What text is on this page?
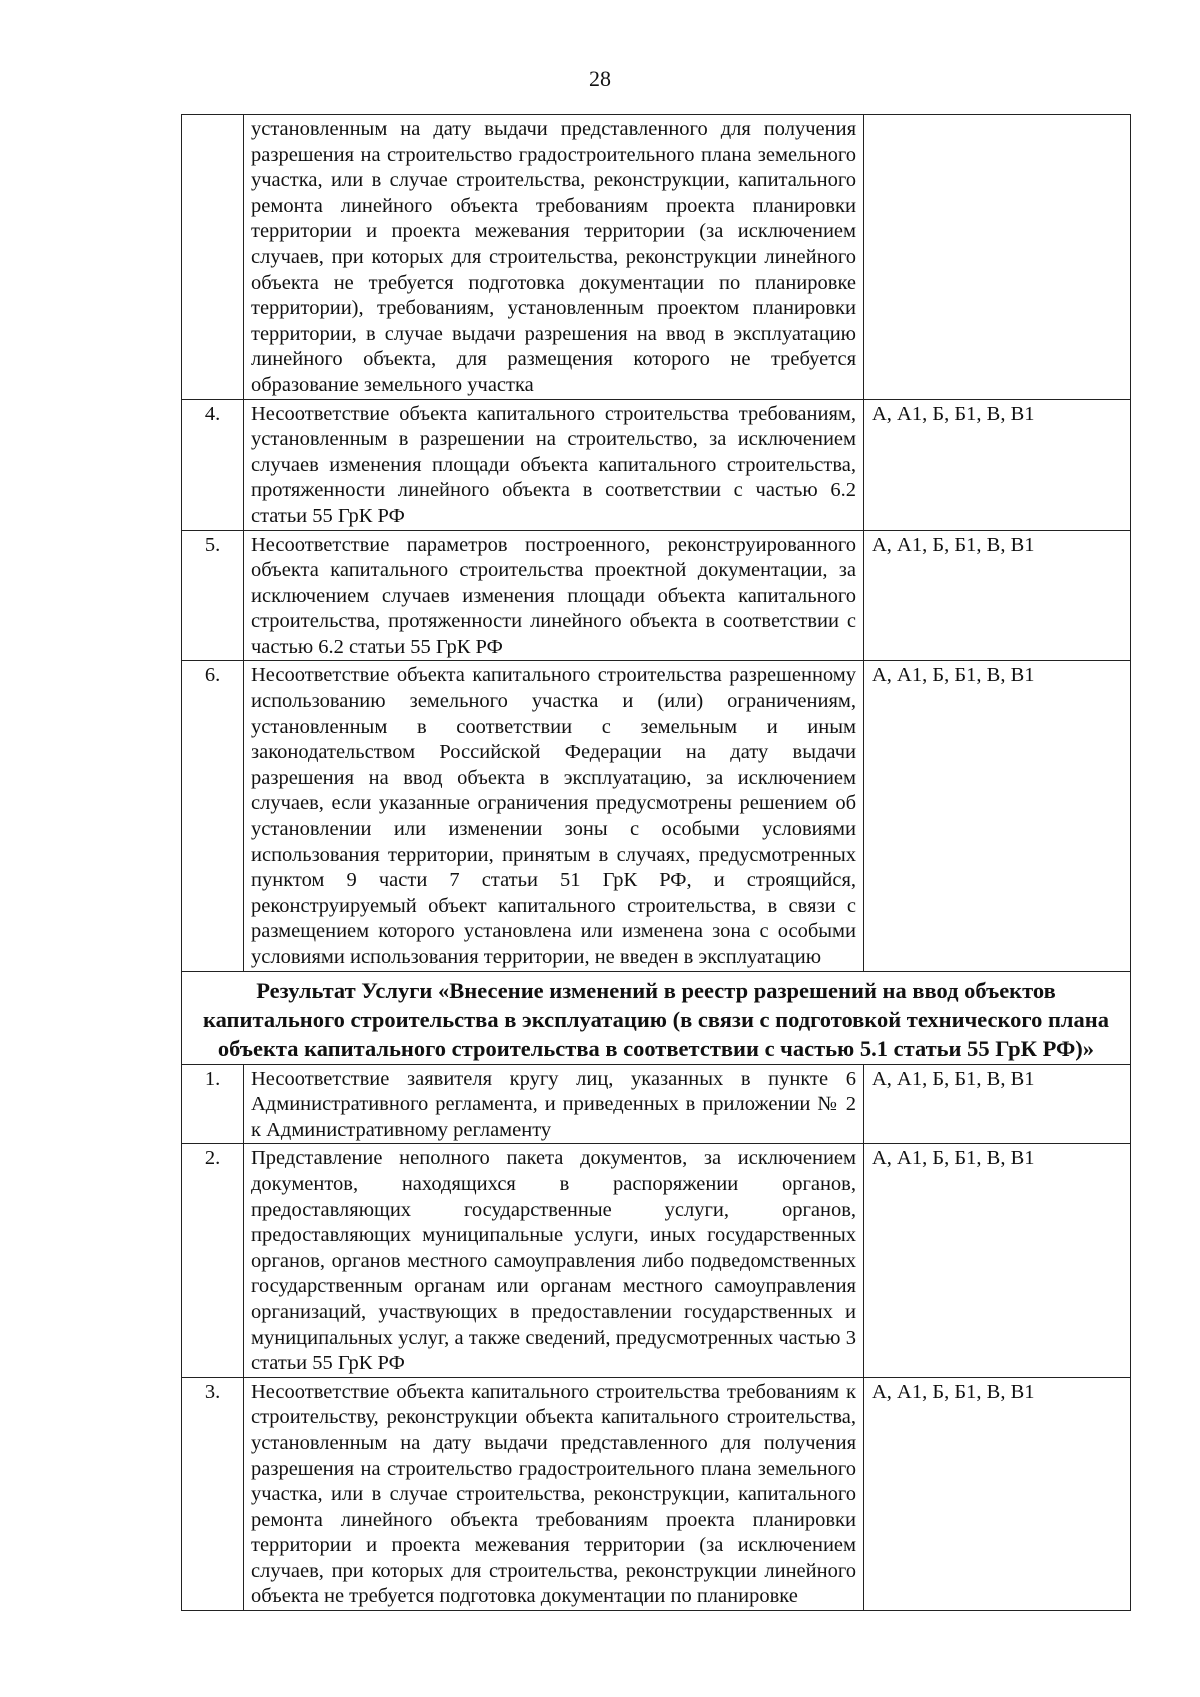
28
	установленным на дату выдачи представленного для получения разрешения на строительство градостроительного плана земельного участка, или в случае строительства, реконструкции, капитального ремонта линейного объекта требованиям проекта планировки территории и проекта межевания территории (за исключением случаев, при которых для строительства, реконструкции линейного объекта не требуется подготовка документации по планировке территории), требованиям, установленным проектом планировки территории, в случае выдачи разрешения на ввод в эксплуатацию линейного объекта, для размещения которого не требуется образование земельного участка	
4.	Несоответствие объекта капитального строительства требованиям, установленным в разрешении на строительство, за исключением случаев изменения площади объекта капитального строительства, протяженности линейного объекта в соответствии с частью 6.2 статьи 55 ГрК РФ	А, А1, Б, Б1, В, В1
5.	Несоответствие параметров построенного, реконструированного объекта капитального строительства проектной документации, за исключением случаев изменения площади объекта капитального строительства, протяженности линейного объекта в соответствии с частью 6.2 статьи 55 ГрК РФ	А, А1, Б, Б1, В, В1
6.	Несоответствие объекта капитального строительства разрешенному использованию земельного участка и (или) ограничениям, установленным в соответствии с земельным и иным законодательством Российской Федерации на дату выдачи разрешения на ввод объекта в эксплуатацию, за исключением случаев, если указанные ограничения предусмотрены решением об установлении или изменении зоны с особыми условиями использования территории, принятым в случаях, предусмотренных пунктом 9 части 7 статьи 51 ГрК РФ, и строящийся, реконструируемый объект капитального строительства, в связи с размещением которого установлена или изменена зона с особыми условиями использования территории, не введен в эксплуатацию	А, А1, Б, Б1, В, В1
Результат Услуги «Внесение изменений в реестр разрешений на ввод объектов капитального строительства в эксплуатацию (в связи с подготовкой технического плана объекта капитального строительства в соответствии с частью 5.1 статьи 55 ГрК РФ)»		
1.	Несоответствие заявителя кругу лиц, указанных в пункте 6 Административного регламента, и приведенных в приложении № 2 к Административному регламенту	А, А1, Б, Б1, В, В1
2.	Представление неполного пакета документов, за исключением документов, находящихся в распоряжении органов, предоставляющих государственные услуги, органов, предоставляющих муниципальные услуги, иных государственных органов, органов местного самоуправления либо подведомственных государственным органам или органам местного самоуправления организаций, участвующих в предоставлении государственных и муниципальных услуг, а также сведений, предусмотренных частью 3 статьи 55 ГрК РФ	А, А1, Б, Б1, В, В1
3.	Несоответствие объекта капитального строительства требованиям к строительству, реконструкции объекта капитального строительства, установленным на дату выдачи представленного для получения разрешения на строительство градостроительного плана земельного участка, или в случае строительства, реконструкции, капитального ремонта линейного объекта требованиям проекта планировки территории и проекта межевания территории (за исключением случаев, при которых для строительства, реконструкции линейного объекта не требуется подготовка документации по планировке	А, А1, Б, Б1, В, В1
